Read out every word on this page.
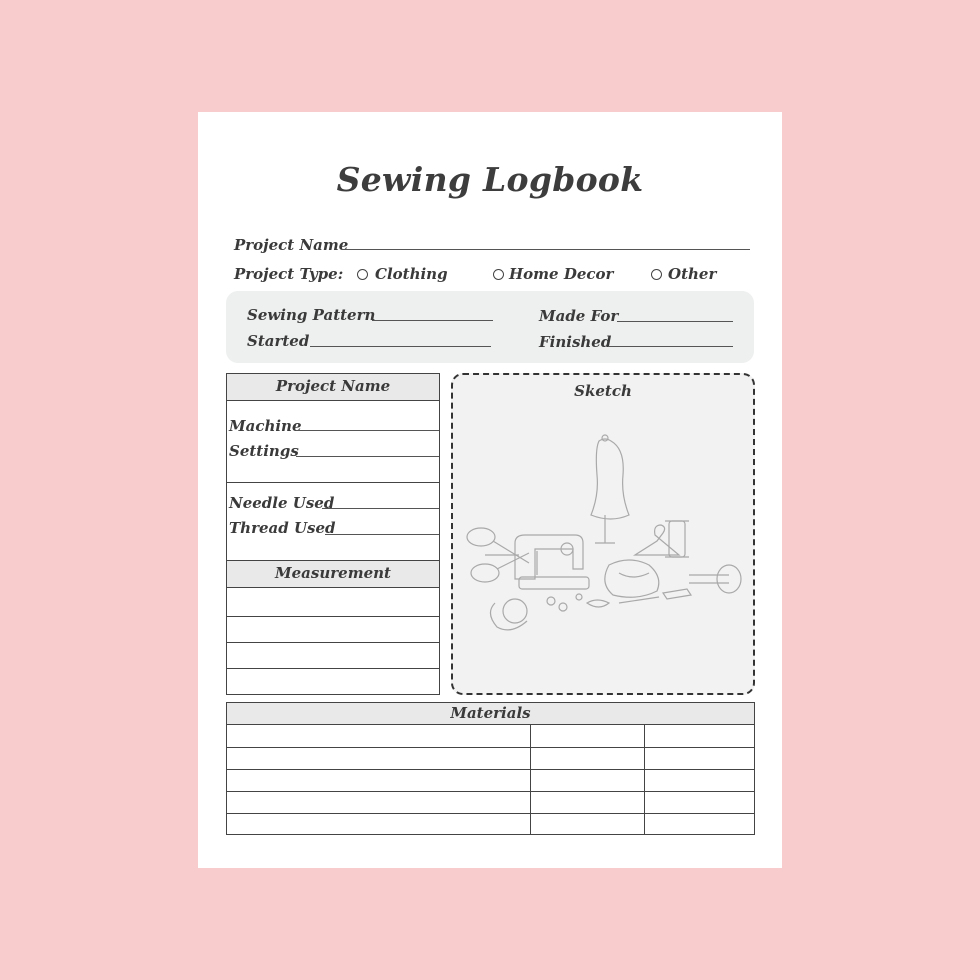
Sewing Logbook
Project Name
Project Type: Clothing	Home Decor	Other
Sewing Pattern
Started
Made For
Finished
Project Name
Machine
Settings
Needle Used
Thread Used
Measurement
Sketch
Materials
